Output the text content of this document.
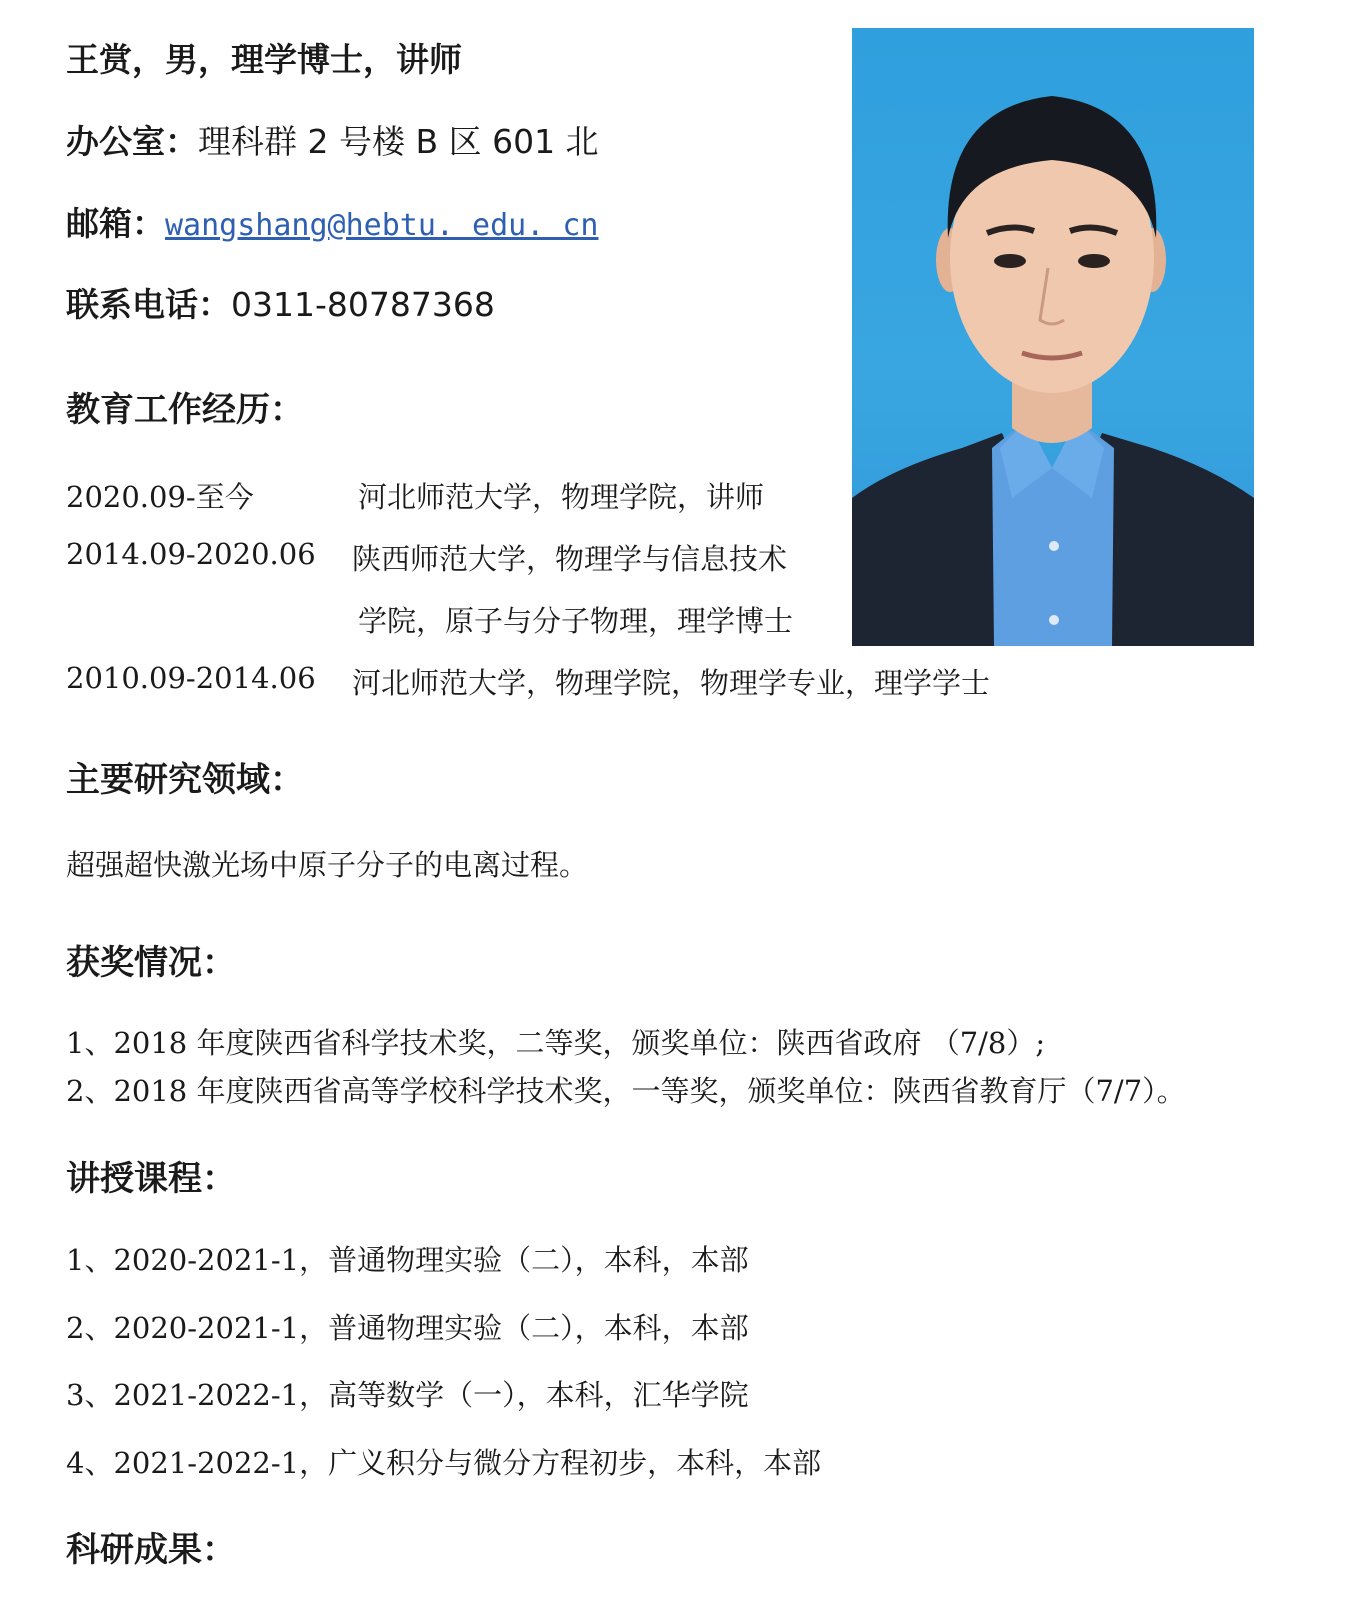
王赏，男，理学博士，讲师
办公室：理科群 2 号楼 B 区 601 北
邮箱：wangshang@hebtu. edu. cn
联系电话：0311-80787368
教育工作经历：
2020.09-至今	河北师范大学，物理学院，讲师
2014.09-2020.06 陕西师范大学，物理学与信息技术
学院，原子与分子物理，理学博士
2010.09-2014.06 河北师范大学，物理学院，物理学专业，理学学士
主要研究领域：
超强超快激光场中原子分子的电离过程。
获奖情况：
1、2018 年度陕西省科学技术奖，二等奖，颁奖单位：陕西省政府 （7/8）;
2、2018 年度陕西省高等学校科学技术奖，一等奖，颁奖单位：陕西省教育厅（7/7）。
讲授课程：
1、2020-2021-1，普通物理实验（二），本科，本部
2、2020-2021-1，普通物理实验（二），本科，本部
3、2021-2022-1，高等数学（一），本科，汇华学院
4、2021-2022-1，广义积分与微分方程初步，本科，本部
科研成果：
